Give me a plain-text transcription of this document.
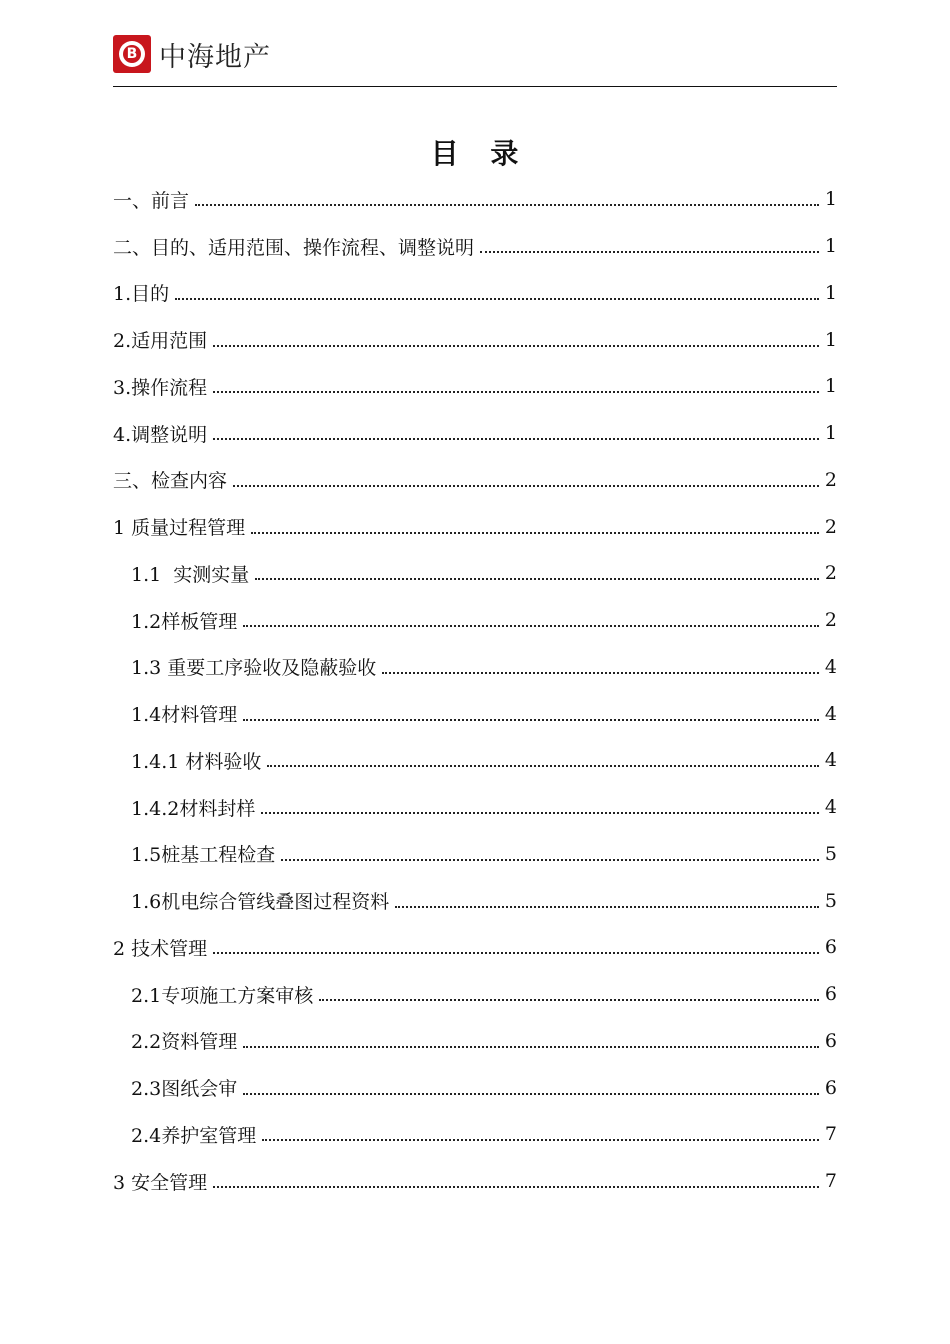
B 中海地产
目 录
一、前言	1
二、目的、适用范围、操作流程、调整说明	1
1.目的	1
2.适用范围	1
3.操作流程	1
4.调整说明	1
三、检查内容	2
1 质量过程管理	2
1.1  实测实量	2
1.2样板管理	2
1.3 重要工序验收及隐蔽验收	4
1.4材料管理	4
1.4.1 材料验收	4
1.4.2材料封样	4
1.5桩基工程检查	5
1.6机电综合管线叠图过程资料	5
2 技术管理	6
2.1专项施工方案审核	6
2.2资料管理	6
2.3图纸会审	6
2.4养护室管理	7
3 安全管理	7
